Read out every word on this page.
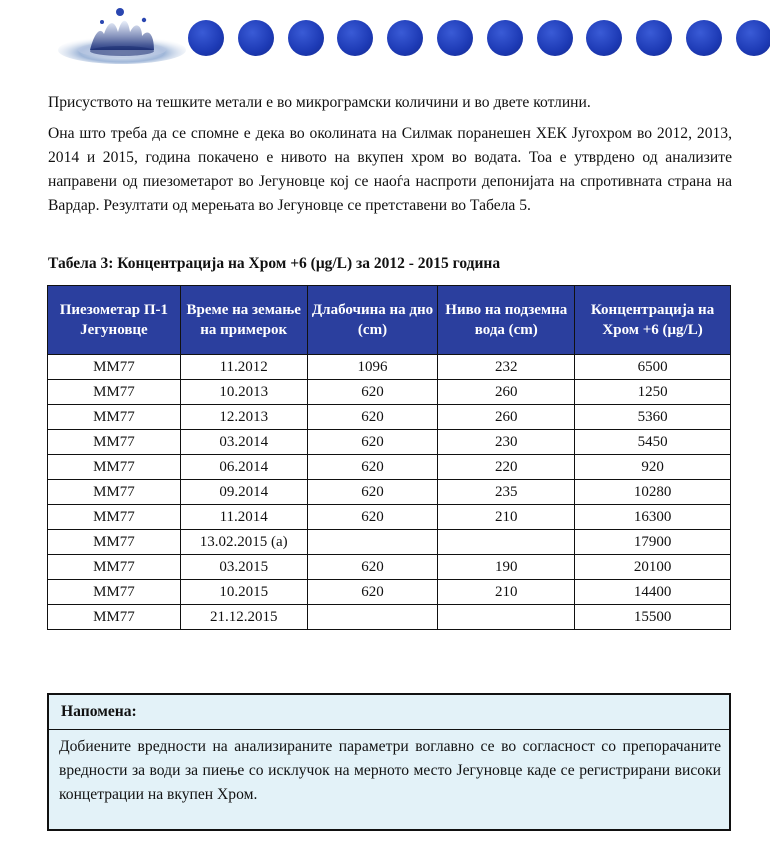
Присуството на тешките метали е во микрограмски количини и во двете котлини.

Она што треба да се спомне е дека во околината на Силмак поранешен ХЕК Југохром во 2012, 2013, 2014 и 2015, година покачено е нивото на вкупен хром во водата. Тоа е утврдено од анализите направени од пиезометарот во Јегуновце кој се наоѓа наспроти депонијата на спротивната страна на Вардар. Резултати од мерењата во Јегуновце се претставени во Табела 5.

Табела 3: Концентрација на Хром +6 (μg/L) за 2012 - 2015 година
Пиезометар П-1 Јегуновце	Време на земање на примерок	Длабочина на дно (cm)	Ниво на подземна вода (cm)	Концентрација на Хром +6 (μg/L)
MM77	11.2012	1096	232	6500
MM77	10.2013	620	260	1250
MM77	12.2013	620	260	5360
MM77	03.2014	620	230	5450
MM77	06.2014	620	220	920
MM77	09.2014	620	235	10280
MM77	11.2014	620	210	16300
MM77	13.02.2015 (a)			17900
MM77	03.2015	620	190	20100
MM77	10.2015	620	210	14400
MM77	21.12.2015			15500
Напомена:

Добиените вредности на анализираните параметри воглавно се во согласност со препорачаните вредности за води за пиење со исклучок на мерното место Јегуновце каде се регистрирани високи концетрации на вкупен Хром.
